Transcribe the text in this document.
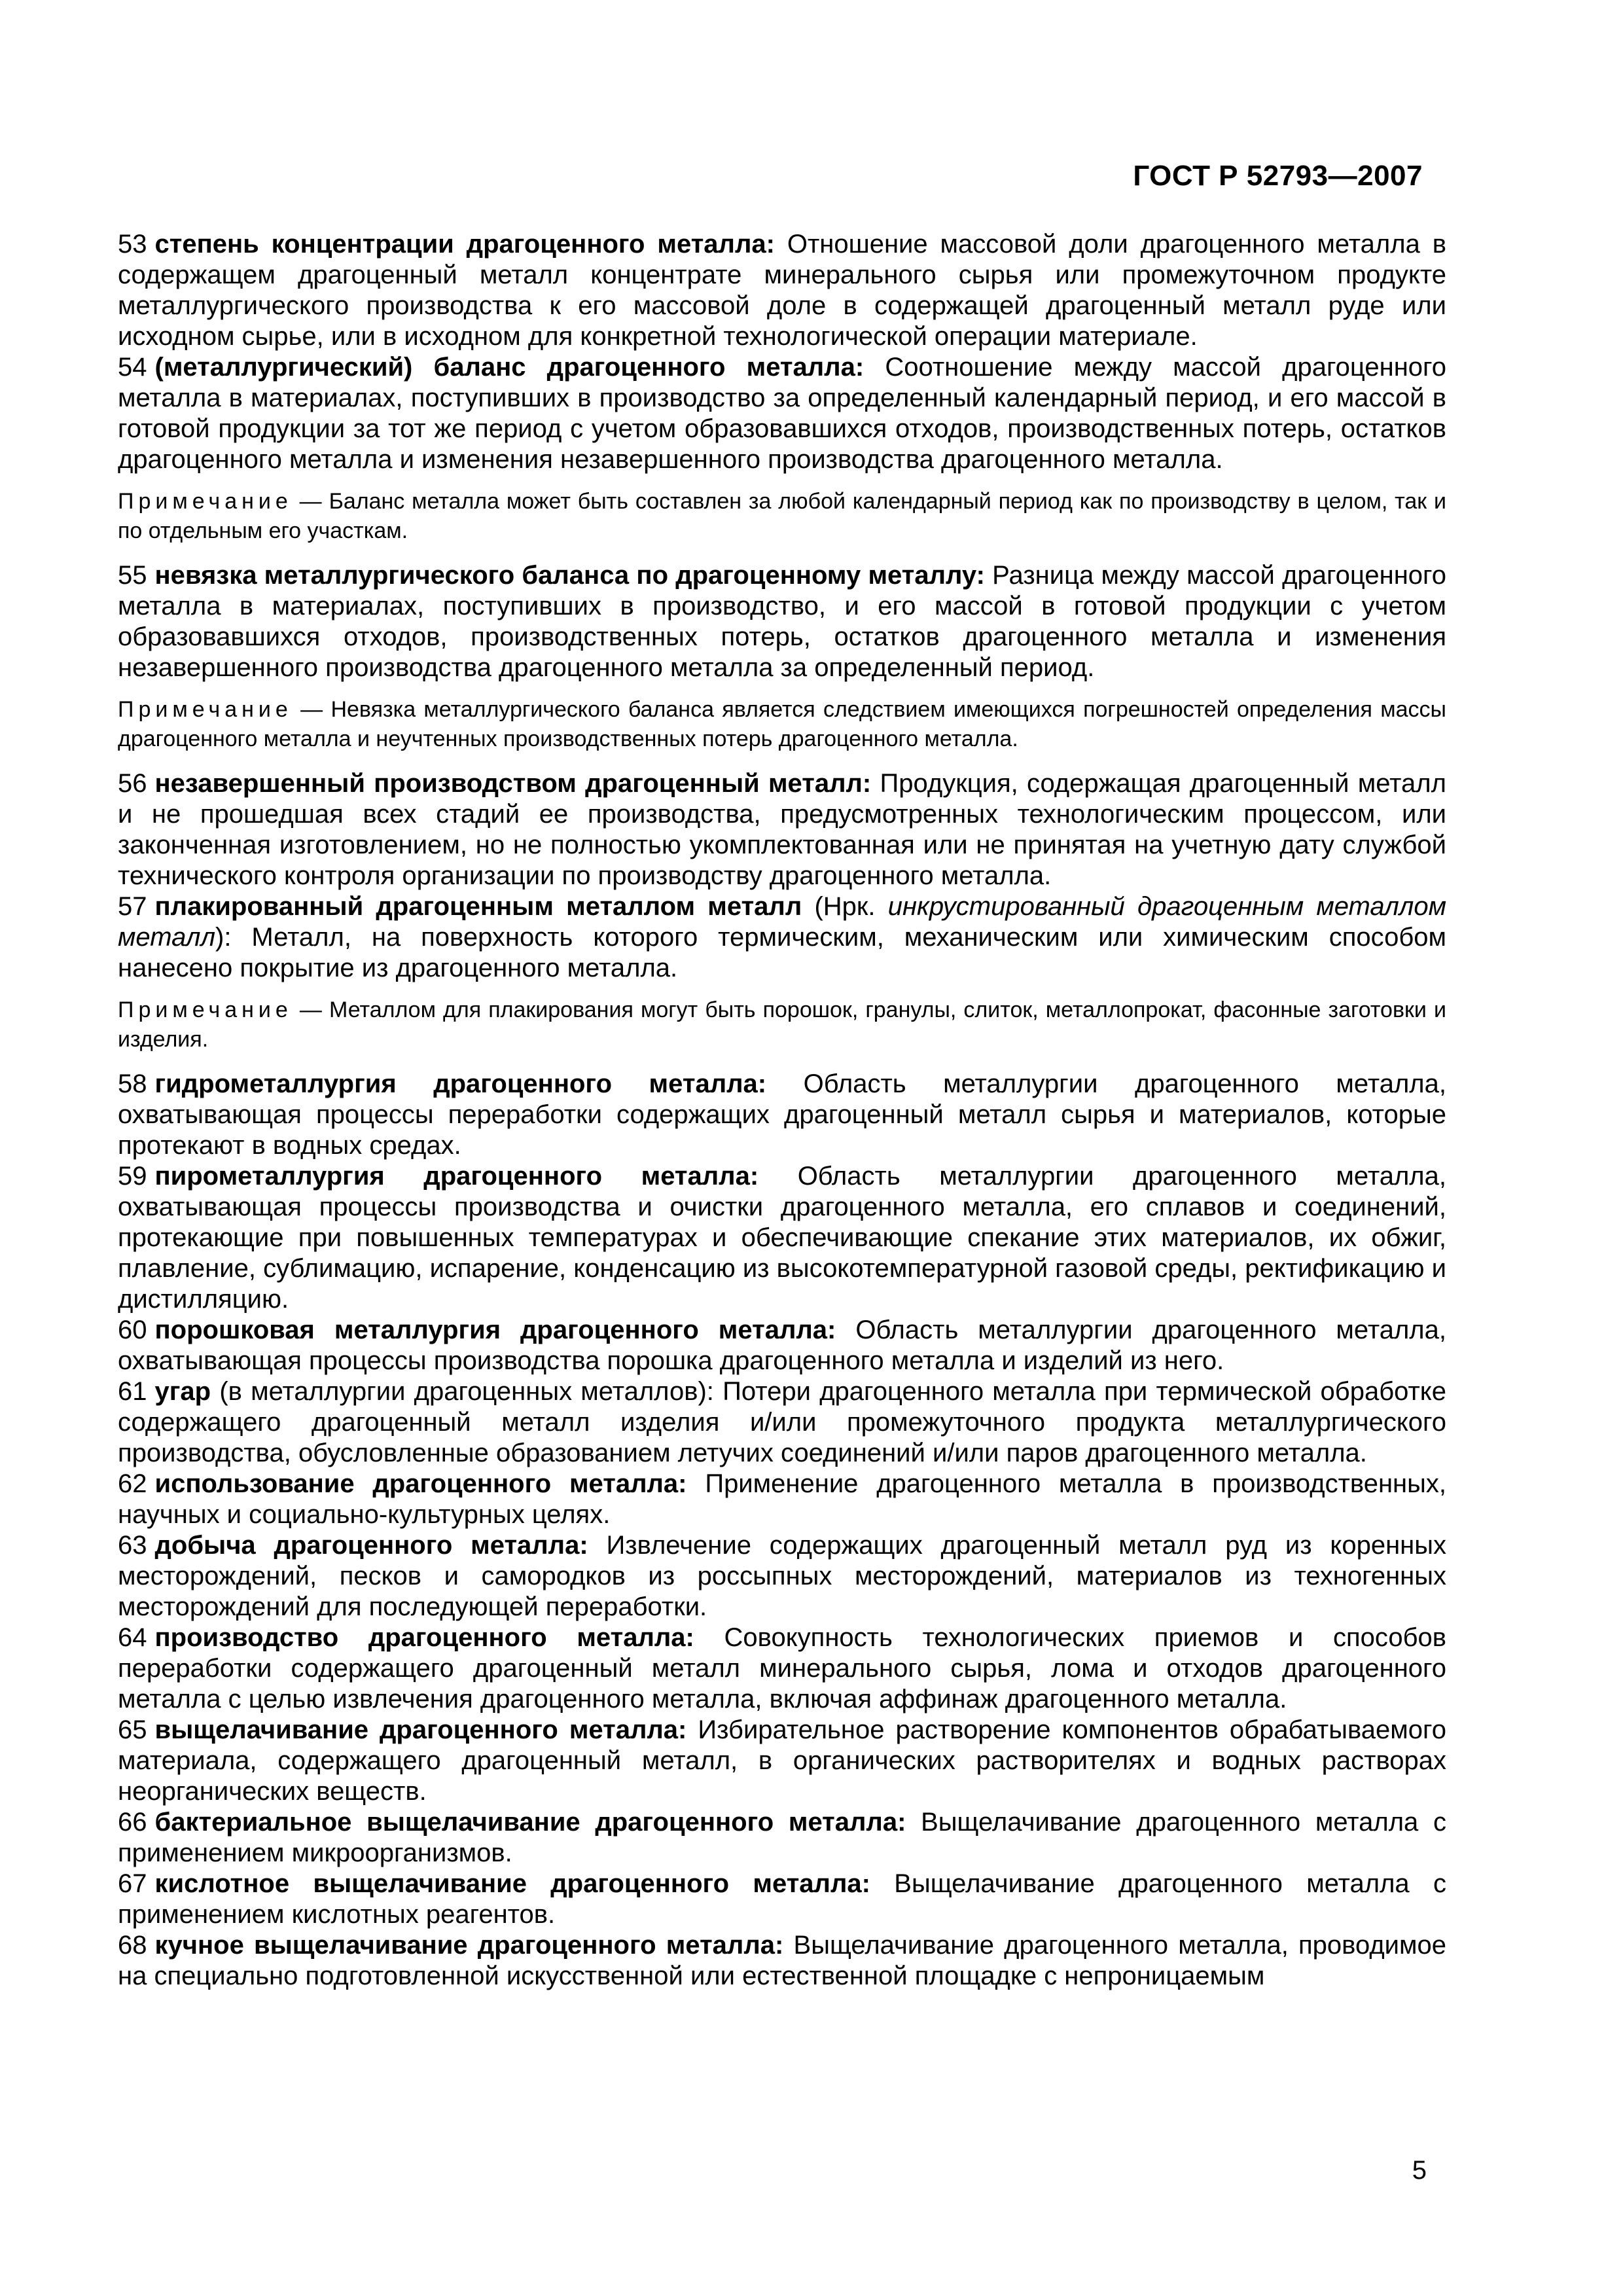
ГОСТ Р 52793—2007

53 степень концентрации драгоценного металла: Отношение массовой доли драгоценного металла в содержащем драгоценный металл концентрате минерального сырья или промежуточном продукте металлургического производства к его массовой доле в содержащей драгоценный металл руде или исходном сырье, или в исходном для конкретной технологической операции материале.

54 (металлургический) баланс драгоценного металла: Соотношение между массой драгоценного металла в материалах, поступивших в производство за определенный календарный период, и его массой в готовой продукции за тот же период с учетом образовавшихся отходов, производственных потерь, остатков драгоценного металла и изменения незавершенного производства драгоценного металла.

Примечание — Баланс металла может быть составлен за любой календарный период как по производству в целом, так и по отдельным его участкам.

55 невязка металлургического баланса по драгоценному металлу: Разница между массой драгоценного металла в материалах, поступивших в производство, и его массой в готовой продукции с учетом образовавшихся отходов, производственных потерь, остатков драгоценного металла и изменения незавершенного производства драгоценного металла за определенный период.

Примечание — Невязка металлургического баланса является следствием имеющихся погрешностей определения массы драгоценного металла и неучтенных производственных потерь драгоценного металла.

56 незавершенный производством драгоценный металл: Продукция, содержащая драгоценный металл и не прошедшая всех стадий ее производства, предусмотренных технологическим процессом, или законченная изготовлением, но не полностью укомплектованная или не принятая на учетную дату службой технического контроля организации по производству драгоценного металла.

57 плакированный драгоценным металлом металл (Нрк. инкрустированный драгоценным металлом металл): Металл, на поверхность которого термическим, механическим или химическим способом нанесено покрытие из драгоценного металла.

Примечание — Металлом для плакирования могут быть порошок, гранулы, слиток, металлопрокат, фасонные заготовки и изделия.

58 гидрометаллургия драгоценного металла: Область металлургии драгоценного металла, охватывающая процессы переработки содержащих драгоценный металл сырья и материалов, которые протекают в водных средах.

59 пирометаллургия драгоценного металла: Область металлургии драгоценного металла, охватывающая процессы производства и очистки драгоценного металла, его сплавов и соединений, протекающие при повышенных температурах и обеспечивающие спекание этих материалов, их обжиг, плавление, сублимацию, испарение, конденсацию из высокотемпературной газовой среды, ректификацию и дистилляцию.

60 порошковая металлургия драгоценного металла: Область металлургии драгоценного металла, охватывающая процессы производства порошка драгоценного металла и изделий из него.

61 угар (в металлургии драгоценных металлов): Потери драгоценного металла при термической обработке содержащего драгоценный металл изделия и/или промежуточного продукта металлургического производства, обусловленные образованием летучих соединений и/или паров драгоценного металла.

62 использование драгоценного металла: Применение драгоценного металла в производственных, научных и социально-культурных целях.

63 добыча драгоценного металла: Извлечение содержащих драгоценный металл руд из коренных месторождений, песков и самородков из россыпных месторождений, материалов из техногенных месторождений для последующей переработки.

64 производство драгоценного металла: Совокупность технологических приемов и способов переработки содержащего драгоценный металл минерального сырья, лома и отходов драгоценного металла с целью извлечения драгоценного металла, включая аффинаж драгоценного металла.

65 выщелачивание драгоценного металла: Избирательное растворение компонентов обрабатываемого материала, содержащего драгоценный металл, в органических растворителях и водных растворах неорганических веществ.

66 бактериальное выщелачивание драгоценного металла: Выщелачивание драгоценного металла с применением микроорганизмов.

67 кислотное выщелачивание драгоценного металла: Выщелачивание драгоценного металла с применением кислотных реагентов.

68 кучное выщелачивание драгоценного металла: Выщелачивание драгоценного металла, проводимое на специально подготовленной искусственной или естественной площадке с непроницаемым

5
